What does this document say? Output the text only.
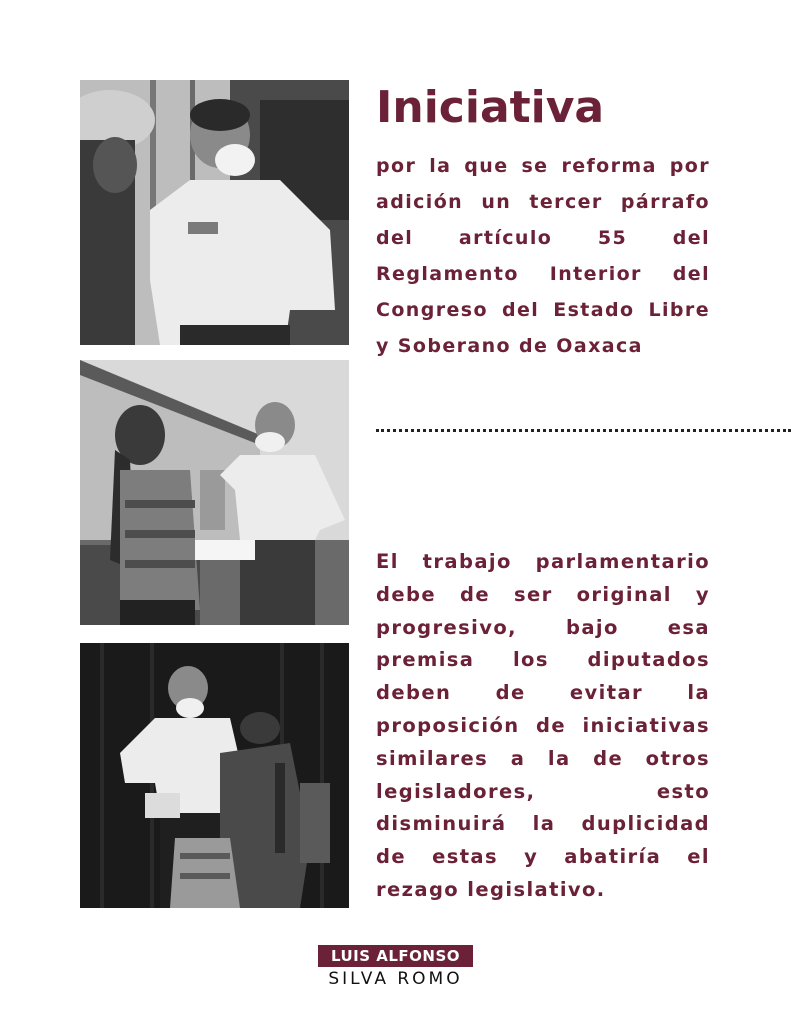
Iniciativa

por la que se reforma por adición un tercer párrafo del artículo 55 del Reglamento Interior del Congreso del Estado Libre y Soberano de Oaxaca

El trabajo parlamentario debe de ser original y progresivo, bajo esa premisa los diputados deben de evitar la proposición de iniciativas similares a la de otros legisladores, esto disminuirá la duplicidad de estas y abatiría el rezago legislativo.

LUIS ALFONSO
SILVA ROMO
